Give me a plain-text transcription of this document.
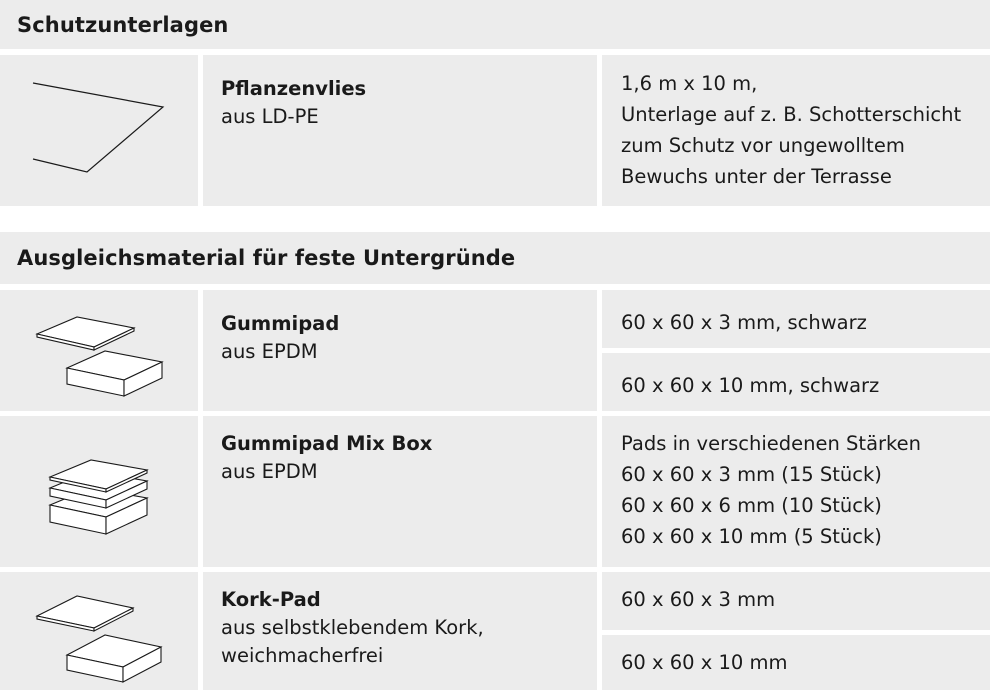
Schutzunterlagen
Pflanzenvlies
aus LD-PE
1,6 m x 10 m,
Unterlage auf z. B. Schotterschicht
zum Schutz vor ungewolltem
Bewuchs unter der Terrasse
Ausgleichsmaterial für feste Untergründe
Gummipad
aus EPDM
60 x 60 x 3 mm, schwarz
60 x 60 x 10 mm, schwarz
Gummipad Mix Box
aus EPDM
Pads in verschiedenen Stärken
60 x 60 x 3 mm (15 Stück)
60 x 60 x 6 mm (10 Stück)
60 x 60 x 10 mm (5 Stück)
Kork-Pad
aus selbstklebendem Kork,
weichmacherfrei
60 x 60 x 3 mm
60 x 60 x 10 mm
